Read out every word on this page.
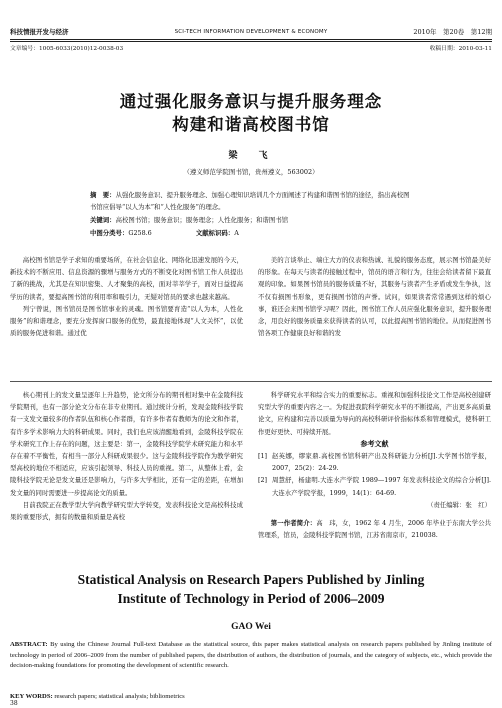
科技情报开发与经济	SCI-TECH INFORMATION DEVELOPMENT & ECONOMY	2010年　第20卷　第12期
文章编号：1005-6033(2010)12-0038-03	收稿日期：2010-03-11
通过强化服务意识与提升服务理念
构建和谐高校图书馆
梁　飞
（遵义师范学院图书馆，贵州遵义，563002）
摘　要：从强化服务意识、提升服务理念、加强心理知识培训几个方面阐述了构建和谐图书馆的途径，指出高校图书馆应倡导“以人为本”和“人性化服务”的理念。
关键词：高校图书馆；服务意识；服务理念；人性化服务；和谐图书馆
中图分类号：G258.6	文献标识码：A

高校图书馆是学子求知的重要场所，在社会信息化、网络化迅速发展的今天，新技术的不断应用、信息资源的骤增与服务方式的不断变化对图书馆工作人员提出了新的挑战，尤其是在知识密集、人才聚集的高校，面对莘莘学子，面对日益提高学历的读者，要提高图书馆的利用率和吸引力，无疑对馆员的要求也越来越高。

列宁曾说，图书馆员是图书馆事业的灵魂。图书馆要育造“以人为本，人性化服务”的和谐理念，要充分发挥窗口服务的优势，最直接地体现“人文关怀”，以优质的服务促进和谐。通过优

美的言谈举止、端庄大方的仪表和热诚、礼貌的服务态度，展示图书馆最美好的形象。在每天与读者的接触过程中，馆员的语言和行为，往往会给读者留下最直观的印象。如果图书馆员的服务质量不好，其服务与读者产生矛盾或发生争执，这不仅有损图书形象，更有损图书馆的声誉。试问，如果读者常常遇到这样的烦心事，谁还会来图书馆学习呢？因此，图书馆工作人员应强化服务意识，提升服务理念，用良好的服务质量来获得读者的认可，以此提高图书馆的地位。从而促进图书馆各项工作健康良好和谐的发

核心期刊上的发文量呈逐年上升趋势，论文所分布的期刊相对集中在金陵科技学院期刊，也有一部分论文分布在非专业期刊。通过统计分析，发现金陵科技学院有一支发文量较多的作者队伍和核心作者群，有许多作者有教师为的论文和作者，有许多学术影响力大的科研成果。同时，我们也应该清醒地看到，金陵科技学院在学术研究工作上存在的问题，这主要是：第一，金陵科技学院学术研究能力和水平存在着不平衡性，有相当一部分人科研成果很少。这与金陵科技学院作为教学研究型高校的地位不相适应，应该引起领导、科技人员的重视。第二，从整体上看，金陵科技学院无论是发文量还是影响力，与许多大学相比，还有一定的差距，在增加发文量的同时需要进一步提高论文的质量。

目前我院正在教学型大学向教学研究型大学转变，发表科技论文是高校科技成果的重要形式，拥有的数量和质量是高校

科学研究水平和综合实力的重要标志。重视和加强科技论文工作是高校创建研究型大学的重要内容之一。为促进我院科学研究水平的不断提高，产出更多高质量论文，应构建和完善以质量为导向的高校科研评价指标体系和管理模式，使科研工作更好更快、可持续开展。

参考文献

[1] 赵英娜，缪家鼎.高校图书馆科研产出及科研能力分析[J].大学图书馆学报，2007，25(2)：24-29.

[2] 周慧舒，杨建明.大连水产学院 1989—1997 年发表科技论文的综合分析[J].大连水产学院学报，1999，14(1)：64-69.

（责任编辑：张　红）

第一作者简介：高　玮，女，1962 年 4 月生，2006 年毕业于东南大学公共管理系，馆员，金陵科技学院图书馆，江苏省南京市，210038.

Statistical Analysis on Research Papers Published by Jinling
Institute of Technology in Period of 2006–2009
GAO Wei
ABSTRACT: By using the Chinese Journal Full-text Database as the statistical source, this paper makes statistical analysis on research papers published by Jinling institute of technology in period of 2006–2009 from the number of published papers, the distribution of authors, the distribution of journals, and the category of subjects, etc., which provide the decision-making foundations for promoting the development of scientific research.
KEY WORDS: research papers; statistical analysis; bibliometrics
38
